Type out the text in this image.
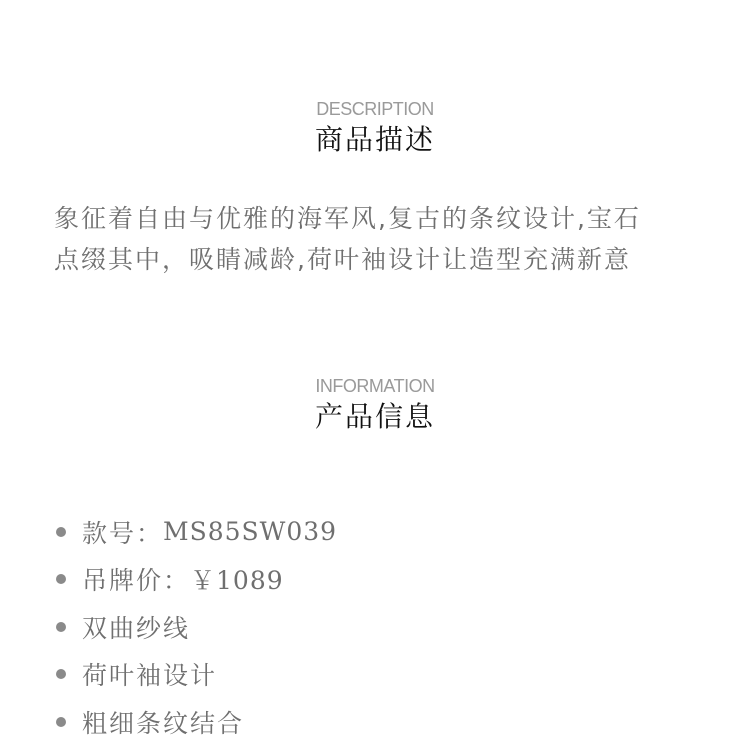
DESCRIPTION
商品描述
象征着自由与优雅的海军风,复古的条纹设计,宝石
点缀其中，吸睛减龄,荷叶袖设计让造型充满新意
INFORMATION
产品信息
款号： MS85SW039
吊牌价： ￥1089
双曲纱线
荷叶袖设计
粗细条纹结合
